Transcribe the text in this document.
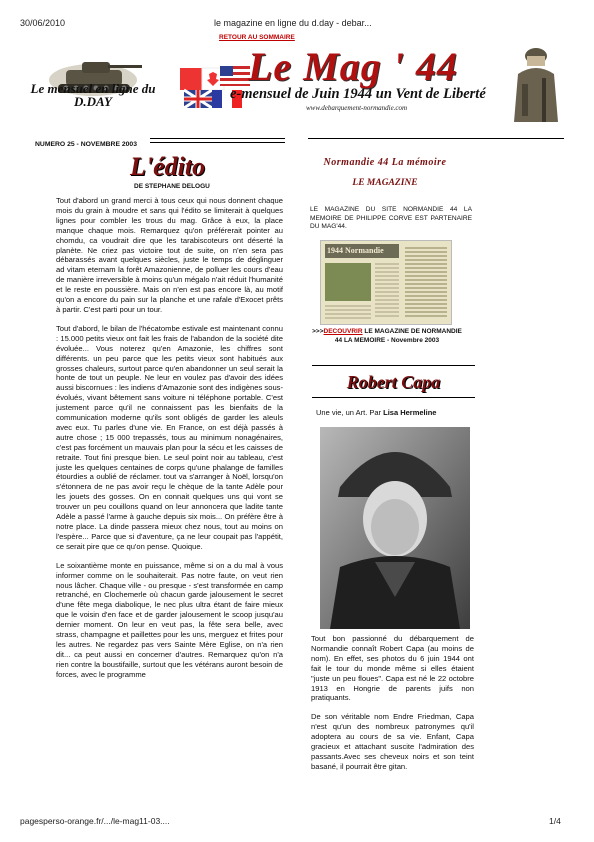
30/06/2010	le magazine en ligne du d.day - debar...
RETOUR AU SOMMAIRE
Le mensuel en ligne du D.DAY
Le Mag ' 44
e-mensuel de Juin 1944 un Vent de Liberté
www.debarquement-normandie.com
NUMERO 25 - NOVEMBRE 2003
L'édito
DE STEPHANE DELOGU

Tout d'abord un grand merci à tous ceux qui nous donnent chaque mois du grain à moudre et sans qui l'édito se limiterait à quelques lignes pour combler les trous du mag. Grâce à eux, la place manque chaque mois. Remarquez qu'on préférerait pointer au chomdu, ca voudrait dire que les tarabiscoteurs ont déserté la planète. Ne criez pas victoire tout de suite, on n'en sera pas débarassés avant quelques siècles, juste le temps de déglinguer ad vitam eternam la forêt Amazonienne, de polluer les cours d'eau de manière irreversible à moins qu'un mégalo n'ait réduit l'humanité et le reste en poussière. Mais on n'en est pas encore là, au motif qu'on a encore du pain sur la planche et une rafale d'Exocet prêts à partir. C'est parti pour un tour.

Tout d'abord, le bilan de l'hécatombe estivale est maintenant connu : 15.000 petits vieux ont fait les frais de l'abandon de la société dite évoluée... Vous noterez qu'en Amazonie, les chiffres sont différents. un peu parce que les petits vieux sont habitués aux grosses chaleurs, surtout parce qu'en abandonner un seul serait la honte de tout un peuple. Ne leur en voulez pas d'avoir des idées aussi biscornues : les indiens d'Amazonie sont des indigènes sous-évolués, vivant bêtement sans voiture ni téléphone portable. C'est justement parce qu'il ne connaissent pas les bienfaits de la communication moderne qu'ils sont obligés de garder les aïeuls avec eux. Tu parles d'une vie. En France, on est déjà passés à autre chose ; 15 000 trepassés, tous au minimum nonagénaires, c'est pas forcément un mauvais plan pour la sécu et les caisses de retraite. Tout fini presque bien. Le seul point noir au tableau, c'est juste les quelques centaines de corps qu'une phalange de familles étourdies a oublié de réclamer. tout va s'arranger à Noël, lorsqu'on s'étonnera de ne pas avoir reçu le chèque de la tante Adèle pour les jouets des gosses. On en connait quelques uns qui vont se trouver un peu couillons quand on leur annoncera que ladite tante Adèle a passé l'arme à gauche depuis six mois... On préfère être à notre place. La dinde passera mieux chez nous, tout au moins on l'espère... Parce que si d'aventure, ça ne leur coupait pas l'appétit, ce serait pire que ce qu'on pense. Quoique.

Le soixantième monte en puissance, même si on a du mal à vous informer comme on le souhaiterait. Pas notre faute, on veut rien nous lâcher. Chaque ville - ou presque - s'est transformée en camp retranché, en Clochemerle où chacun garde jalousement le secret d'une fête mega diabolique, le nec plus ultra étant de faire mieux que le voisin d'en face et de garder jalousement le scoop jusqu'au dernier moment. On leur en veut pas, la fête sera belle, avec strass, champagne et paillettes pour les uns, merguez et frites pour les autres. Ne regardez pas vers Sainte Mère Eglise, on n'a rien dit... ca peut aussi en concerner d'autres. Remarquez qu'on n'a rien contre la boustifaille, surtout que les vétérans auront besoin de forces, avec le programme

Normandie 44 La mémoire
LE MAGAZINE
LE MAGAZINE DU SITE NORMANDIE 44 LA MEMOIRE DE PHILIPPE CORVE EST PARTENAIRE DU MAG'44.
1944 Normandie
>>>DECOUVRIR LE MAGAZINE DE NORMANDIE 44 LA MEMOIRE - Novembre 2003
Robert Capa
Une vie, un Art. Par Lisa Hermeline

Tout bon passionné du débarquement de Normandie connaît Robert Capa (au moins de nom). En effet, ses photos du 6 juin 1944 ont fait le tour du monde même si elles étaient "juste un peu floues". Capa est né le 22 octobre 1913 en Hongrie de parents juifs non pratiquants.

De son véritable nom Endre Friedman, Capa n'est qu'un des nombreux patronymes qu'il adoptera au cours de sa vie. Enfant, Capa gracieux et attachant suscite l'admiration des passants.Avec ses cheveux noirs et son teint basané, il pourrait être gitan.

pagesperso-orange.fr/.../le-mag11-03....	1/4
